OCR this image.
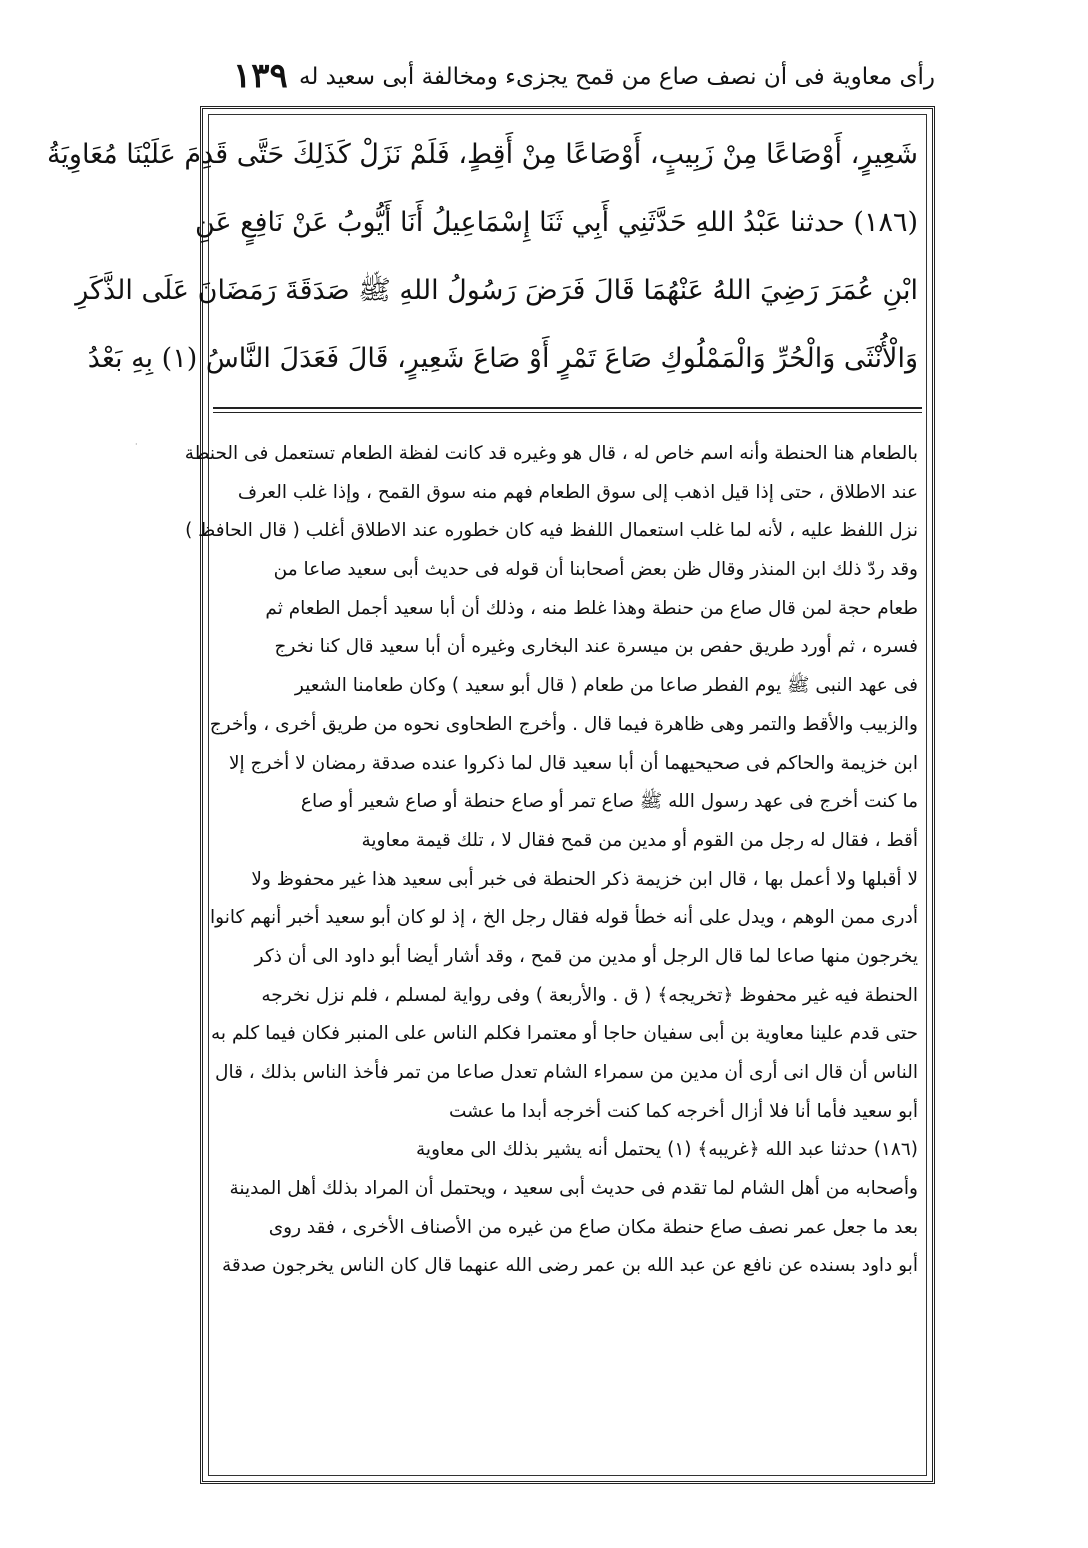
رأى معاوية فى أن نصف صاع من قمح يجزىء ومخالفة أبى سعيد له
١٣٩
شَعِيرٍ، أَوْصَاعًا مِنْ زَبِيبٍ، أَوْصَاعًا مِنْ أَقِطٍ، فَلَمْ نَزَلْ كَذَلِكَ حَتَّى قَدِمَ عَلَيْنَا مُعَاوِيَةُ
(١٨٦) حدثنا عَبْدُ اللهِ حَدَّثَنِي أَبِي ثَنَا إِسْمَاعِيلُ أَنَا أَيُّوبُ عَنْ نَافِعٍ عَنِ
ابْنِ عُمَرَ رَضِيَ اللهُ عَنْهُمَا قَالَ فَرَضَ رَسُولُ اللهِ ﷺ صَدَقَةَ رَمَضَانَ عَلَى الذَّكَرِ
وَالْأُنْثَى وَالْحُرِّ وَالْمَمْلُوكِ صَاعَ تَمْرٍ أَوْ صَاعَ شَعِيرٍ، قَالَ فَعَدَلَ النَّاسُ (١) بِهِ بَعْدُ
بالطعام هنا الحنطة وأنه اسم خاص له ، قال هو وغيره قد كانت لفظة الطعام تستعمل فى الحنطة
عند الاطلاق ، حتى إذا قيل اذهب إلى سوق الطعام فهم منه سوق القمح ، وإذا غلب العرف
نزل اللفظ عليه ، لأنه لما غلب استعمال اللفظ فيه كان خطوره عند الاطلاق أغلب ( قال الحافظ )
وقد ردّ ذلك ابن المنذر وقال ظن بعض أصحابنا أن قوله فى حديث أبى سعيد صاعا من
طعام حجة لمن قال صاع من حنطة وهذا غلط منه ، وذلك أن أبا سعيد أجمل الطعام ثم
فسره ، ثم أورد طريق حفص بن ميسرة عند البخارى وغيره أن أبا سعيد قال كنا نخرج
فى عهد النبى ﷺ يوم الفطر صاعا من طعام ( قال أبو سعيد ) وكان طعامنا الشعير
والزبيب والأقط والتمر وهى ظاهرة فيما قال . وأخرج الطحاوى نحوه من طريق أخرى ، وأخرج
ابن خزيمة والحاكم فى صحيحيهما أن أبا سعيد قال لما ذكروا عنده صدقة رمضان لا أخرج إلا
ما كنت أخرج فى عهد رسول الله ﷺ صاع تمر أو صاع حنطة أو صاع شعير أو صاع
أقط ، فقال له رجل من القوم أو مدين من قمح فقال لا ، تلك قيمة معاوية
لا أقبلها ولا أعمل بها ، قال ابن خزيمة ذكر الحنطة فى خبر أبى سعيد هذا غير محفوظ ولا
أدرى ممن الوهم ، ويدل على أنه خطأ قوله فقال رجل الخ ، إذ لو كان أبو سعيد أخبر أنهم كانوا
يخرجون منها صاعا لما قال الرجل أو مدين من قمح ، وقد أشار أيضا أبو داود الى أن ذكر
الحنطة فيه غير محفوظ ﴿تخريجه﴾ ( ق . والأربعة ) وفى رواية لمسلم ، فلم نزل نخرجه
حتى قدم علينا معاوية بن أبى سفيان حاجا أو معتمرا فكلم الناس على المنبر فكان فيما كلم به
الناس أن قال انى أرى أن مدين من سمراء الشام تعدل صاعا من تمر فأخذ الناس بذلك ، قال
أبو سعيد فأما أنا فلا أزال أخرجه كما كنت أخرجه أبدا ما عشت
(١٨٦) حدثنا عبد الله ﴿غريبه﴾ (١) يحتمل أنه يشير بذلك الى معاوية
وأصحابه من أهل الشام لما تقدم فى حديث أبى سعيد ، ويحتمل أن المراد بذلك أهل المدينة
بعد ما جعل عمر نصف صاع حنطة مكان صاع من غيره من الأصناف الأخرى ، فقد روى
أبو داود بسنده عن نافع عن عبد الله بن عمر رضى الله عنهما قال كان الناس يخرجون صدقة
·
